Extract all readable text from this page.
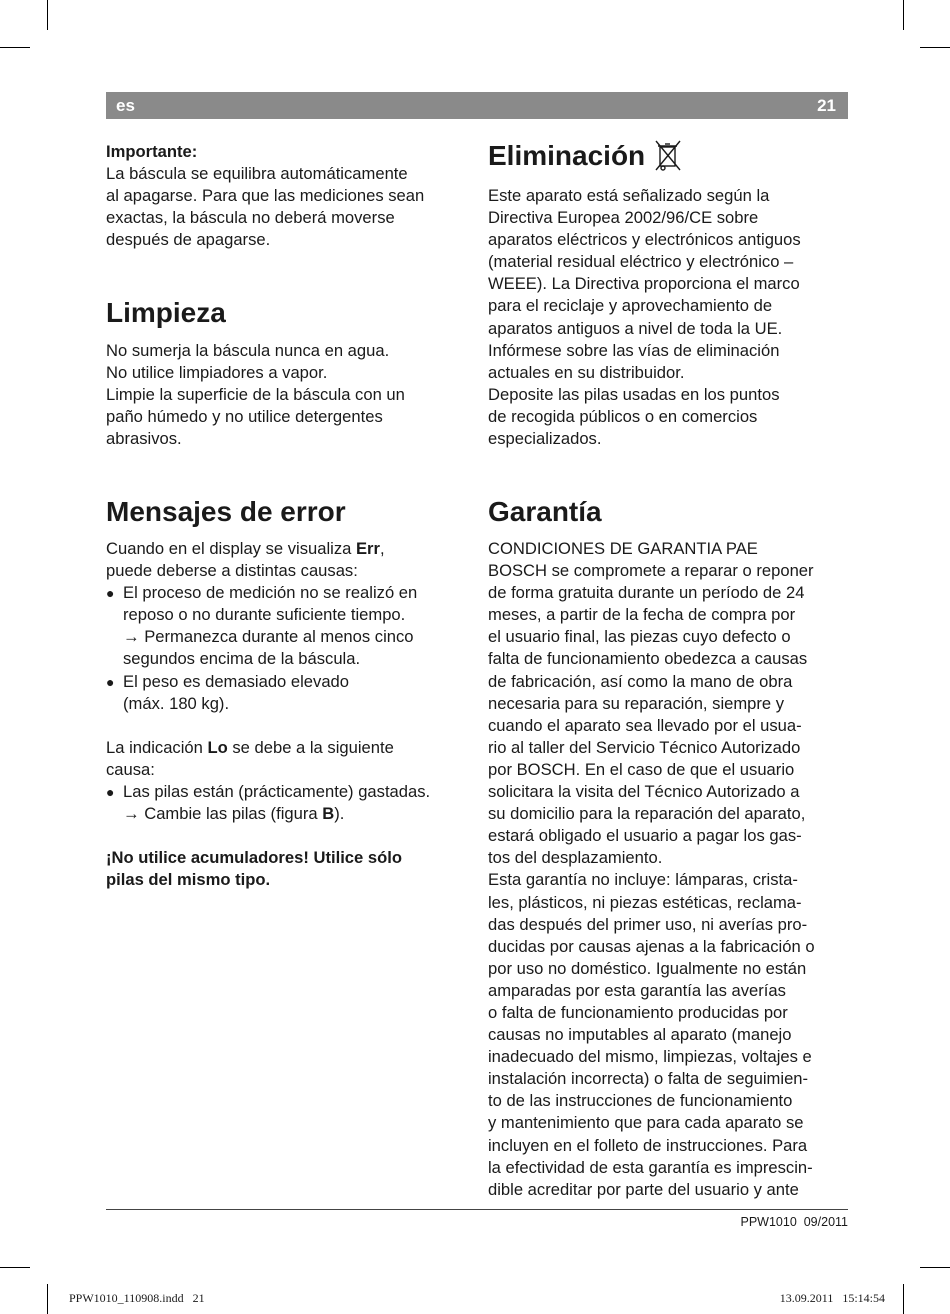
es	21

Importante:

La báscula se equilibra automáticamente

al apagarse. Para que las mediciones sean

exactas, la báscula no deberá moverse

después de apagarse.

Limpieza

No sumerja la báscula nunca en agua.

No utilice limpiadores a vapor.

Limpie la superficie de la báscula con un

paño húmedo y no utilice detergentes

abrasivos.

Mensajes de error

Cuando en el display se visualiza Err,

puede deberse a distintas causas:

● El proceso de medición no se realizó en
reposo o no durante suficiente tiempo.
→ Permanezca durante al menos cinco
segundos encima de la báscula.
● El peso es demasiado elevado
(máx. 180 kg).

La indicación Lo se debe a la siguiente

causa:

● Las pilas están (prácticamente) gastadas.
→ Cambie las pilas (figura B).

¡No utilice acumuladores! Utilice sólo

pilas del mismo tipo.

Eliminación

Este aparato está señalizado según la

Directiva Europea 2002/96/CE sobre

aparatos eléctricos y electrónicos antiguos

(material residual eléctrico y electrónico –

WEEE). La Directiva proporciona el marco

para el reciclaje y aprovechamiento de

aparatos antiguos a nivel de toda la UE.

Infórmese sobre las vías de eliminación

actuales en su distribuidor.

Deposite las pilas usadas en los puntos

de recogida públicos o en comercios

especializados.

Garantía

CONDICIONES DE GARANTIA PAE

BOSCH se compromete a reparar o reponer

de forma gratuita durante un período de 24

meses, a partir de la fecha de compra por

el usuario final, las piezas cuyo defecto o

falta de funcionamiento obedezca a causas

de fabricación, así como la mano de obra

necesaria para su reparación, siempre y

cuando el aparato sea llevado por el usua-

rio al taller del Servicio Técnico Autorizado

por BOSCH. En el caso de que el usuario

solicitara la visita del Técnico Autorizado a

su domicilio para la reparación del aparato,

estará obligado el usuario a pagar los gas-

tos del desplazamiento.

Esta garantía no incluye: lámparas, crista-

les, plásticos, ni piezas estéticas, reclama-

das después del primer uso, ni averías pro-

ducidas por causas ajenas a la fabricación o

por uso no doméstico. Igualmente no están

amparadas por esta garantía las averías

o falta de funcionamiento producidas por

causas no imputables al aparato (manejo

inadecuado del mismo, limpiezas, voltajes e

instalación incorrecta) o falta de seguimien-

to de las instrucciones de funcionamiento

y mantenimiento que para cada aparato se

incluyen en el folleto de instrucciones. Para

la efectividad de esta garantía es imprescin-

dible acreditar por parte del usuario y ante

PPW1010 09/2011
PPW1010_110908.indd   21	13.09.2011   15:14:54
